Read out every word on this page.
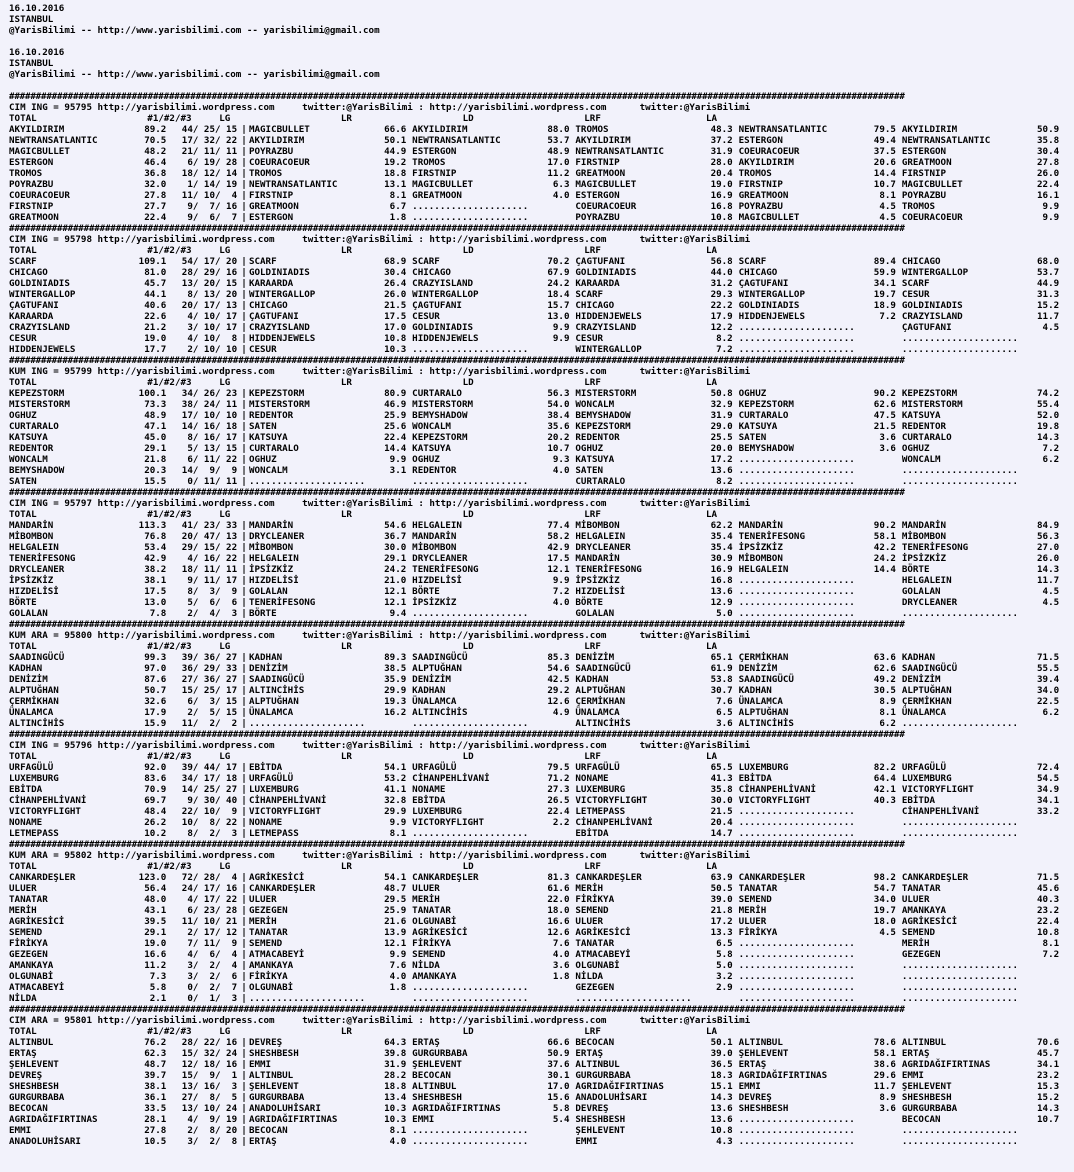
16.10.2016
ISTANBUL
@YarisBilimi -- http://www.yarisbilimi.com -- yarisbilimi@gmail.com
16.10.2016
ISTANBUL
@YarisBilimi -- http://www.yarisbilimi.com -- yarisbilimi@gmail.com
########################################################################################################################################################################
CIM ING = 95795 http://yarisbilimi.wordpress.com     twitter:@YarisBilimi : http://yarisbilimi.wordpress.com      twitter:@YarisBilimi
TOTAL                    #1/#2/#3     LG                    LR                    LD                    LRF                   LA
AKYILDIRIM	89.2	44/ 25/ 15 | MAGICBULLET	66.6 AKYILDIRIM	88.0 TROMOS	48.3 NEWTRANSATLANTIC	79.5 AKYILDIRIM	50.9
NEWTRANSATLANTIC	70.5	17/ 32/ 22 | AKYILDIRIM	50.1 NEWTRANSATLANTIC	53.7 AKYILDIRIM	37.2 ESTERGON	49.4 NEWTRANSATLANTIC	35.8
MAGICBULLET	48.2	21/ 11/ 11 | POYRAZBU	44.9 ESTERGON	48.9 NEWTRANSATLANTIC	31.9 COEURACOEUR	37.5 ESTERGON	30.4
ESTERGON	46.4	6/ 19/ 28 | COEURACOEUR	19.2 TROMOS	17.0 FIRSTNIP	28.0 AKYILDIRIM	20.6 GREATMOON	27.8
TROMOS	36.8	18/ 12/ 14 | TROMOS	18.8 FIRSTNIP	11.2 GREATMOON	20.4 TROMOS	14.4 FIRSTNIP	26.0
POYRAZBU	32.0	1/ 14/ 19 | NEWTRANSATLANTIC	13.1 MAGICBULLET	6.3 MAGICBULLET	19.0 FIRSTNIP	10.7 MAGICBULLET	22.4
COEURACOEUR	27.8	11/ 10/  4 | FIRSTNIP	8.1 GREATMOON	4.0 ESTERGON	16.9 GREATMOON	8.1 POYRAZBU	16.1
FIRSTNIP	27.7	9/  7/ 16 | GREATMOON	6.7 .....................	COEURACOEUR	16.8 POYRAZBU	4.5 TROMOS	9.9
GREATMOON	22.4	9/  6/  7 | ESTERGON	1.8 .....................	POYRAZBU	10.8 MAGICBULLET	4.5 COEURACOEUR	9.9
########################################################################################################################################################################
CIM ING = 95798 http://yarisbilimi.wordpress.com     twitter:@YarisBilimi : http://yarisbilimi.wordpress.com      twitter:@YarisBilimi
TOTAL                    #1/#2/#3     LG                    LR                    LD                    LRF                   LA
SCARF	109.1	54/ 17/ 20 | SCARF	68.9 SCARF	70.2 ÇAGTUFANI	56.8 SCARF	89.4 CHICAGO	68.0
CHICAGO	81.0	28/ 29/ 16 | GOLDINIADIS	30.4 CHICAGO	67.9 GOLDINIADIS	44.0 CHICAGO	59.9 WINTERGALLOP	53.7
GOLDINIADIS	45.7	13/ 20/ 15 | KARAARDA	26.4 CRAZYISLAND	24.2 KARAARDA	31.2 ÇAGTUFANI	34.1 SCARF	44.9
WINTERGALLOP	44.1	8/ 13/ 20 | WINTERGALLOP	26.0 WINTERGALLOP	18.4 SCARF	29.3 WINTERGALLOP	19.7 CESUR	31.3
ÇAGTUFANI	40.6	20/ 17/ 13 | CHICAGO	21.5 ÇAGTUFANI	15.7 CHICAGO	22.2 GOLDINIADIS	18.9 GOLDINIADIS	15.2
KARAARDA	22.6	4/ 10/ 17 | ÇAGTUFANI	17.5 CESUR	13.0 HIDDENJEWELS	17.9 HIDDENJEWELS	7.2 CRAZYISLAND	11.7
CRAZYISLAND	21.2	3/ 10/ 17 | CRAZYISLAND	17.0 GOLDINIADIS	9.9 CRAZYISLAND	12.2 .....................	ÇAGTUFANI	4.5
CESUR	19.0	4/ 10/  8 | HIDDENJEWELS	10.8 HIDDENJEWELS	9.9 CESUR	8.2 .....................	.....................
HIDDENJEWELS	17.7	2/ 10/ 10 | CESUR	10.3 .....................	WINTERGALLOP	7.2 .....................	.....................
########################################################################################################################################################################
KUM ING = 95799 http://yarisbilimi.wordpress.com     twitter:@YarisBilimi : http://yarisbilimi.wordpress.com      twitter:@YarisBilimi
TOTAL                    #1/#2/#3     LG                    LR                    LD                    LRF                   LA
KEPEZSTORM	100.1	34/ 26/ 23 | KEPEZSTORM	80.9 CURTARALO	56.3 MISTERSTORM	50.8 OGHUZ	90.2 KEPEZSTORM	74.2
MISTERSTORM	73.3	38/ 24/ 11 | MISTERSTORM	46.9 MISTERSTORM	54.0 WONCALM	32.9 KEPEZSTORM	62.6 MISTERSTORM	55.4
OGHUZ	48.9	17/ 10/ 10 | REDENTOR	25.9 BEMYSHADOW	38.4 BEMYSHADOW	31.9 CURTARALO	47.5 KATSUYA	52.0
CURTARALO	47.1	14/ 16/ 18 | SATEN	25.6 WONCALM	35.6 KEPEZSTORM	29.0 KATSUYA	21.5 REDENTOR	19.8
KATSUYA	45.0	8/ 16/ 17 | KATSUYA	22.4 KEPEZSTORM	20.2 REDENTOR	25.5 SATEN	3.6 CURTARALO	14.3
REDENTOR	29.1	5/ 13/ 15 | CURTARALO	14.4 KATSUYA	10.7 OGHUZ	20.0 BEMYSHADOW	3.6 OGHUZ	7.2
WONCALM	21.8	6/ 11/ 22 | OGHUZ	9.9 OGHUZ	9.3 KATSUYA	17.2 .....................	WONCALM	6.2
BEMYSHADOW	20.3	14/  9/  9 | WONCALM	3.1 REDENTOR	4.0 SATEN	13.6 .....................	.....................
SATEN	15.5	0/ 11/ 11 | .....................	.....................	CURTARALO	8.2 .....................	.....................
########################################################################################################################################################################
CIM ING = 95797 http://yarisbilimi.wordpress.com     twitter:@YarisBilimi : http://yarisbilimi.wordpress.com      twitter:@YarisBilimi
TOTAL                    #1/#2/#3     LG                    LR                    LD                    LRF                   LA
MANDARİN	113.3	41/ 23/ 33 | MANDARİN	54.6 HELGALEIN	77.4 MİBOMBON	62.2 MANDARİN	90.2 MANDARİN	84.9
MİBOMBON	76.8	20/ 47/ 13 | DRYCLEANER	36.7 MANDARİN	58.2 HELGALEIN	35.4 TENERİFESONG	58.1 MİBOMBON	56.3
HELGALEIN	53.4	29/ 15/ 22 | MİBOMBON	30.0 MİBOMBON	42.9 DRYCLEANER	35.4 İPSİZKİZ	42.2 TENERİFESONG	27.0
TENERİFESONG	42.9	4/ 16/ 22 | HELGALEIN	29.1 DRYCLEANER	17.5 MANDARİN	30.9 MİBOMBON	24.2 İPSİZKİZ	26.0
DRYCLEANER	38.2	18/ 11/ 11 | İPSİZKİZ	24.2 TENERİFESONG	12.1 TENERİFESONG	16.9 HELGALEIN	14.4 BÖRTE	14.3
İPSİZKİZ	38.1	9/ 11/ 17 | HIZDELİSİ	21.0 HIZDELİSİ	9.9 İPSİZKİZ	16.8 .....................	HELGALEIN	11.7
HIZDELİSİ	17.5	8/  3/  9 | GOLALAN	12.1 BÖRTE	7.2 HIZDELİSİ	13.6 .....................	GOLALAN	4.5
BÖRTE	13.0	5/  6/  6 | TENERİFESONG	12.1 İPSİZKİZ	4.0 BÖRTE	12.9 .....................	DRYCLEANER	4.5
GOLALAN	7.8	2/  4/  3 | BÖRTE	9.4 .....................	GOLALAN	5.0 .....................	.....................
########################################################################################################################################################################
KUM ARA = 95800 http://yarisbilimi.wordpress.com     twitter:@YarisBilimi : http://yarisbilimi.wordpress.com      twitter:@YarisBilimi
TOTAL                    #1/#2/#3     LG                    LR                    LD                    LRF                   LA
SAADINGÜCÜ	99.3	39/ 36/ 27 | KADHAN	89.3 SAADINGÜCÜ	85.3 DENİZİM	65.1 ÇERMİKHAN	63.6 KADHAN	71.5
KADHAN	97.0	36/ 29/ 33 | DENİZİM	38.5 ALPTUĞHAN	54.6 SAADINGÜCÜ	61.9 DENİZİM	62.6 SAADINGÜCÜ	55.5
DENİZİM	87.6	27/ 36/ 27 | SAADINGÜCÜ	35.9 DENİZİM	42.5 KADHAN	53.8 SAADINGÜCÜ	49.2 DENİZİM	39.4
ALPTUĞHAN	50.7	15/ 25/ 17 | ALTINCİHİS	29.9 KADHAN	29.2 ALPTUĞHAN	30.7 KADHAN	30.5 ALPTUĞHAN	34.0
ÇERMİKHAN	32.6	6/  3/ 15 | ALPTUĞHAN	19.3 ÜNALAMCA	12.6 ÇERMİKHAN	7.6 ÜNALAMCA	8.9 ÇERMİKHAN	22.5
ÜNALAMCA	17.9	2/  5/ 15 | ÜNALAMCA	16.2 ALTINCİHİS	4.9 ÜNALAMCA	6.5 ALPTUĞHAN	8.1 ÜNALAMCA	6.2
ALTINCİHİS	15.9	11/  2/  2 | .....................	.....................	ALTINCİHİS	3.6 ALTINCİHİS	6.2 .....................
########################################################################################################################################################################
CIM ING = 95796 http://yarisbilimi.wordpress.com     twitter:@YarisBilimi : http://yarisbilimi.wordpress.com      twitter:@YarisBilimi
TOTAL                    #1/#2/#3     LG                    LR                    LD                    LRF                   LA
URFAGÜLÜ	92.0	39/ 44/ 17 | EBİTDA	54.1 URFAGÜLÜ	79.5 URFAGÜLÜ	65.5 LUXEMBURG	82.2 URFAGÜLÜ	72.4
LUXEMBURG	83.6	34/ 17/ 18 | URFAGÜLÜ	53.2 CİHANPEHLİVANİ	71.2 NONAME	41.3 EBİTDA	64.4 LUXEMBURG	54.5
EBİTDA	70.9	14/ 25/ 27 | LUXEMBURG	41.1 NONAME	27.3 LUXEMBURG	35.8 CİHANPEHLİVANİ	42.1 VICTORYFLIGHT	34.9
CİHANPEHLİVANİ	69.7	9/ 30/ 40 | CİHANPEHLİVANİ	32.8 EBİTDA	26.5 VICTORYFLIGHT	30.0 VICTORYFLIGHT	40.3 EBİTDA	34.1
VICTORYFLIGHT	48.4	22/ 10/  9 | VICTORYFLIGHT	29.9 LUXEMBURG	22.4 LETMEPASS	21.5 .....................	CİHANPEHLİVANİ	33.2
NONAME	26.2	10/  8/ 22 | NONAME	9.9 VICTORYFLIGHT	2.2 CİHANPEHLİVANİ	20.4 .....................	.....................
LETMEPASS	10.2	8/  2/  3 | LETMEPASS	8.1 .....................	EBİTDA	14.7 .....................	.....................
########################################################################################################################################################################
KUM ARA = 95802 http://yarisbilimi.wordpress.com     twitter:@YarisBilimi : http://yarisbilimi.wordpress.com      twitter:@YarisBilimi
TOTAL                    #1/#2/#3     LG                    LR                    LD                    LRF                   LA
CANKARDEŞLER	123.0	72/ 28/  4 | AGRİKESİCİ	54.1 CANKARDEŞLER	81.3 CANKARDEŞLER	63.9 CANKARDEŞLER	98.2 CANKARDEŞLER	71.5
ULUER	56.4	24/ 17/ 16 | CANKARDEŞLER	48.7 ULUER	61.6 MERİH	50.5 TANATAR	54.7 TANATAR	45.6
TANATAR	48.0	4/ 17/ 22 | ULUER	29.5 MERİH	22.0 FİRİKYA	39.0 SEMEND	34.0 ULUER	40.3
MERİH	43.1	6/ 23/ 28 | GEZEGEN	25.9 TANATAR	18.0 SEMEND	21.8 MERİH	19.7 AMANKAYA	23.2
AGRİKESİCİ	39.5	11/ 10/ 21 | MERİH	21.6 OLGUNABİ	16.6 ULUER	17.2 ULUER	18.0 AGRİKESİCİ	22.4
SEMEND	29.1	2/ 17/ 12 | TANATAR	13.9 AGRİKESİCİ	12.6 AGRİKESİCİ	13.3 FİRİKYA	4.5 SEMEND	10.8
FİRİKYA	19.0	7/ 11/  9 | SEMEND	12.1 FİRİKYA	7.6 TANATAR	6.5 .....................	MERİH	8.1
GEZEGEN	16.6	4/  6/  4 | ATMACABEYİ	9.9 SEMEND	4.0 ATMACABEYİ	5.8 .....................	GEZEGEN	7.2
AMANKAYA	11.2	3/  2/  4 | AMANKAYA	7.6 NİLDA	3.6 OLGUNABİ	5.0 .....................	.....................
OLGUNABİ	7.3	3/  2/  6 | FİRİKYA	4.0 AMANKAYA	1.8 NİLDA	3.2 .....................	.....................
ATMACABEYİ	5.8	0/  2/  7 | OLGUNABİ	1.8 .....................	GEZEGEN	2.9 .....................	.....................
NİLDA	2.1	0/  1/  3 | .....................	.....................	.....................	.....................	.....................
########################################################################################################################################################################
CIM ARA = 95801 http://yarisbilimi.wordpress.com     twitter:@YarisBilimi : http://yarisbilimi.wordpress.com      twitter:@YarisBilimi
TOTAL                    #1/#2/#3     LG                    LR                    LD                    LRF                   LA
ALTINBUL	76.2	28/ 22/ 16 | DEVREŞ	64.3 ERTAŞ	66.6 BECOCAN	50.1 ALTINBUL	78.6 ALTINBUL	70.6
ERTAŞ	62.3	15/ 32/ 24 | SHESHBESH	39.8 GURGURBABA	50.9 ERTAŞ	39.0 ŞEHLEVENT	58.1 ERTAŞ	45.7
ŞEHLEVENT	48.7	12/ 18/ 16 | EMMI	31.9 ŞEHLEVENT	37.6 ALTINBUL	36.5 ERTAŞ	38.6 AGRIDAĞIFIRTINAS	34.1
DEVREŞ	39.7	15/  9/  1 | ALTINBUL	28.2 BECOCAN	30.1 GURGURBABA	18.3 AGRIDAĞIFIRTINAS	29.6 EMMI	23.2
SHESHBESH	38.1	13/ 16/  3 | ŞEHLEVENT	18.8 ALTINBUL	17.0 AGRIDAĞIFIRTINAS	15.1 EMMI	11.7 ŞEHLEVENT	15.3
GURGURBABA	36.1	27/  8/  5 | GURGURBABA	13.4 SHESHBESH	15.6 ANADOLUHİSARI	14.3 DEVREŞ	8.9 SHESHBESH	15.2
BECOCAN	33.5	13/ 10/ 24 | ANADOLUHİSARI	10.3 AGRIDAĞIFIRTINAS	5.8 DEVREŞ	13.6 SHESHBESH	3.6 GURGURBABA	14.3
AGRIDAĞIFIRTINAS	28.1	4/  9/ 19 | AGRIDAĞIFIRTINAS	10.3 EMMI	5.4 SHESHBESH	13.6 .....................	BECOCAN	10.7
EMMI	27.8	2/  8/ 20 | BECOCAN	8.1 .....................	ŞEHLEVENT	10.8 .....................	.....................
ANADOLUHİSARI	10.5	3/  2/  8 | ERTAŞ	4.0 .....................	EMMI	4.3 .....................	.....................
